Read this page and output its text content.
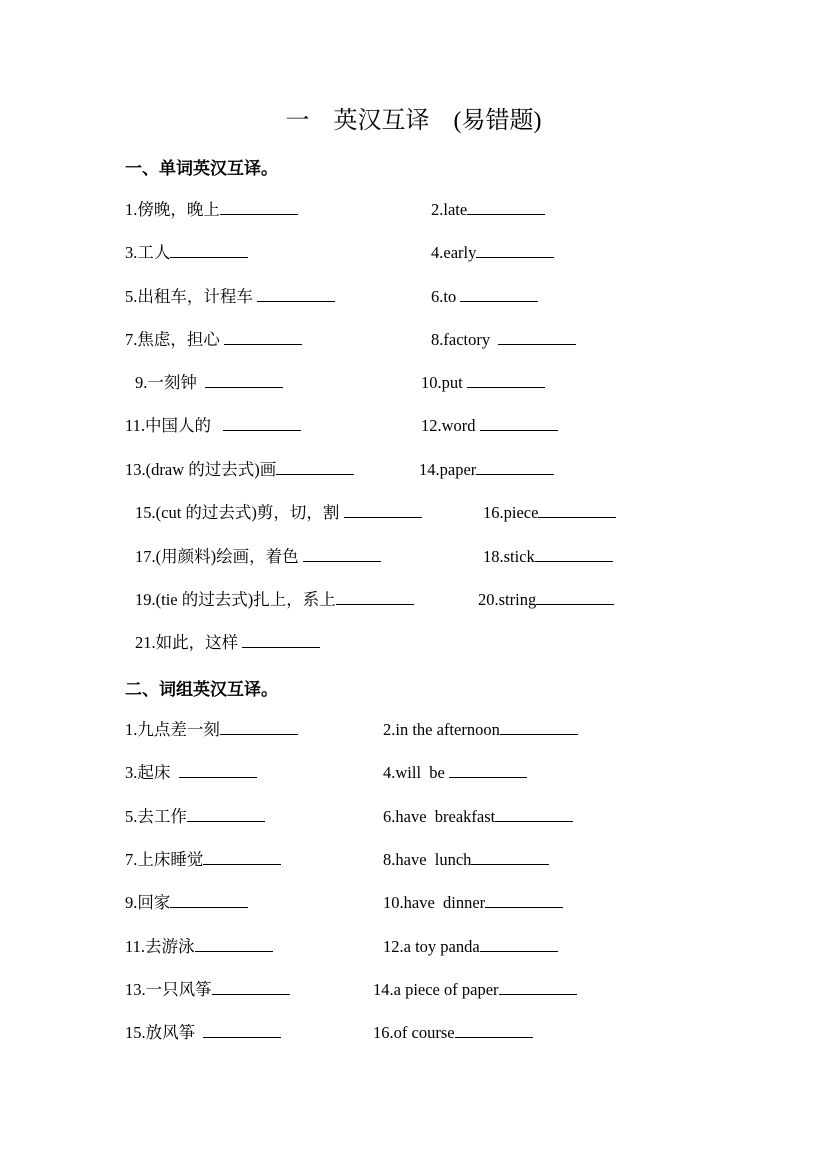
一　英汉互译　(易错题)
一、单词英汉互译。
1.傍晚，晚上	2.late
3.工人	4.early
5.出租车，计程车	6.to
7.焦虑，担心	8.factory
9.一刻钟	10.put
11.中国人的	12.word
13.(draw 的过去式)画	14.paper
15.(cut 的过去式)剪，切，割	16.piece
17.(用颜料)绘画，着色	18.stick
19.(tie 的过去式)扎上，系上	20.string
21.如此，这样
二、词组英汉互译。
1.九点差一刻	2.in the afternoon
3.起床	4.will  be
5.去工作	6.have  breakfast
7.上床睡觉	8.have  lunch
9.回家	10.have  dinner
11.去游泳	12.a toy panda
13.一只风筝	14.a piece of paper
15.放风筝	16.of course
